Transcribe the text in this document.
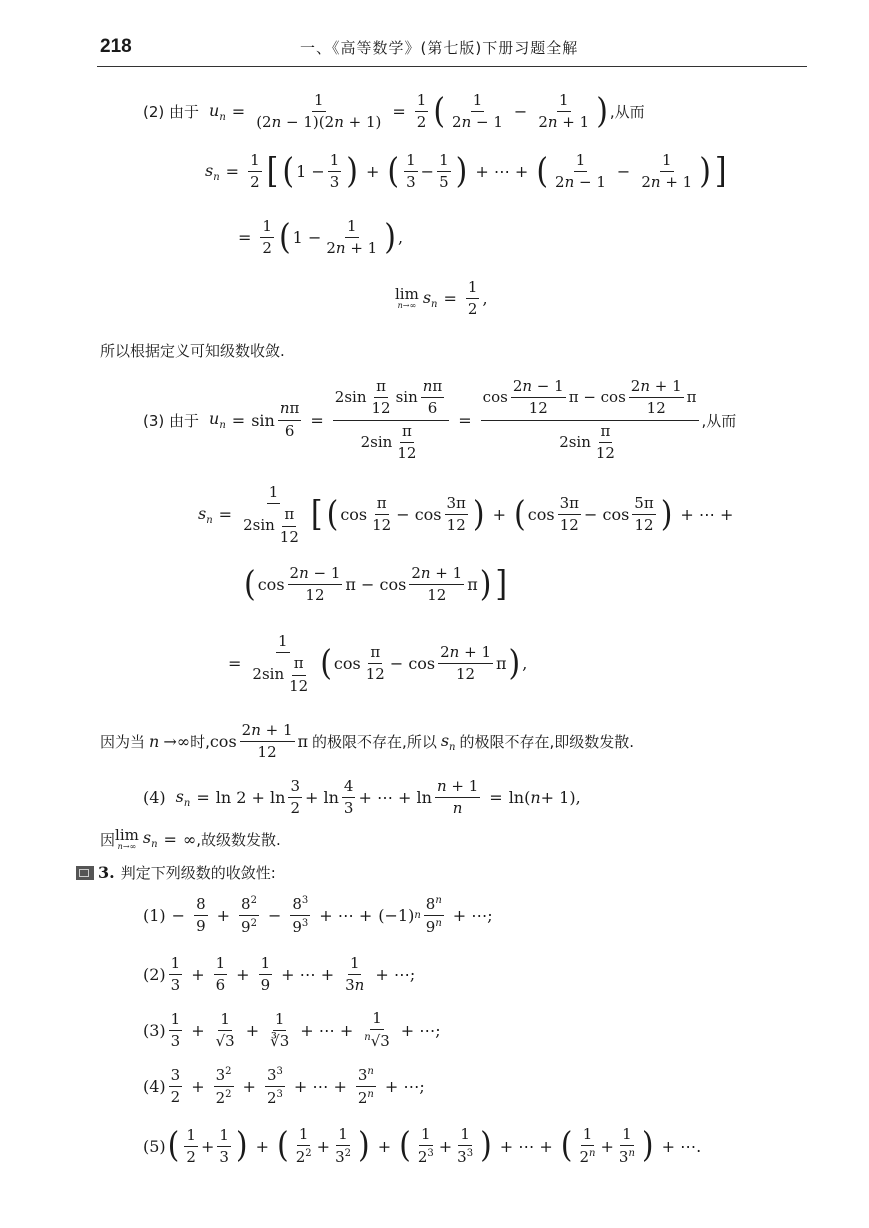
218	一、《高等数学》(第七版)下册习题全解
(2) 由于 $u_n = \frac{1}{(2n - 1)(2n + 1)} = \frac{1}{2}$ ( $\frac{1}{2n - 1} - \frac{1}{2n + 1}$ ) ,从而
$s_n = \frac{1}{2}$ [ ( $1 - \frac{1}{3}$ ) + ( $\frac{1}{3} - \frac{1}{5}$ ) + ⋯ + ( $\frac{1}{2n - 1} - \frac{1}{2n + 1}$ ) ]
= $\frac{1}{2}$ ( $1 - \frac{1}{2n + 1}$ ) ,
lim
n→∞ $s_n = \frac{1}{2}$ ,
所以根据定义可知级数收敛.
(3) 由于 $u_n = \sin \frac{n\pi}{6} = \frac{2\sin \frac{\pi}{12} \sin \frac{n\pi}{6}}{2\sin \frac{\pi}{12}} = \frac{\cos \frac{2n - 1}{12} \pi - \cos \frac{2n + 1}{12} \pi}{2\sin \frac{\pi}{12}}$ ,从而
$s_n = \frac{1}{2\sin \frac{\pi}{12}}$ [ ( $\cos \frac{\pi}{12} - \cos \frac{3\pi}{12}$ ) + ( $\cos \frac{3\pi}{12} - \cos \frac{5\pi}{12}$ ) + ⋯ +
( $\cos \frac{2n - 1}{12}$ $\pi - \cos \frac{2n + 1}{12}$ π ) ]
= $\frac{1}{2\sin \frac{\pi}{12}}$ ( $\cos \frac{\pi}{12} - \cos \frac{2n + 1}{12}$ π ) ,
因为当 n →∞ 时, $\cos \frac{2n + 1}{12}$ π 的极限不存在,所以 $s_n$ 的极限不存在,即级数发散.
(4) $s_n = \ln 2 + \ln \frac{3}{2} + \ln \frac{4}{3}$ + ⋯ + $\ln \frac{n + 1}{n} = \ln$( n + 1),
因 lim
n→∞ $s_n$ = ∞ ,故级数发散.
3. 判定下列级数的收敛性:
$(1) - \frac{8}{9} + \frac{8^2}{9^2} - \frac{8^3}{9^3}$ + ⋯ + (−1) n $\frac{8^n}{9^n}$ + ⋯;
$(2) \frac{1}{3} + \frac{1}{6} + \frac{1}{9}$ + ⋯ + $\frac{1}{3n}$ + ⋯;
$(3) \frac{1}{3} + \frac{1}{√3} + \frac{1}{∛3}$ + ⋯ + $\frac{1}{^n√3}$ + ⋯;
$(4) \frac{3}{2} + \frac{3^2}{2^2} + \frac{3^3}{2^3}$ + ⋯ + $\frac{3^n}{2^n}$ + ⋯;
(5) ( $\frac{1}{2} + \frac{1}{3}$ ) + ( $\frac{1}{2^2} + \frac{1}{3^2}$ ) + ( $\frac{1}{2^3} + \frac{1}{3^3}$ ) + ⋯ + ( $\frac{1}{2^n} + \frac{1}{3^n}$ ) + ⋯.
